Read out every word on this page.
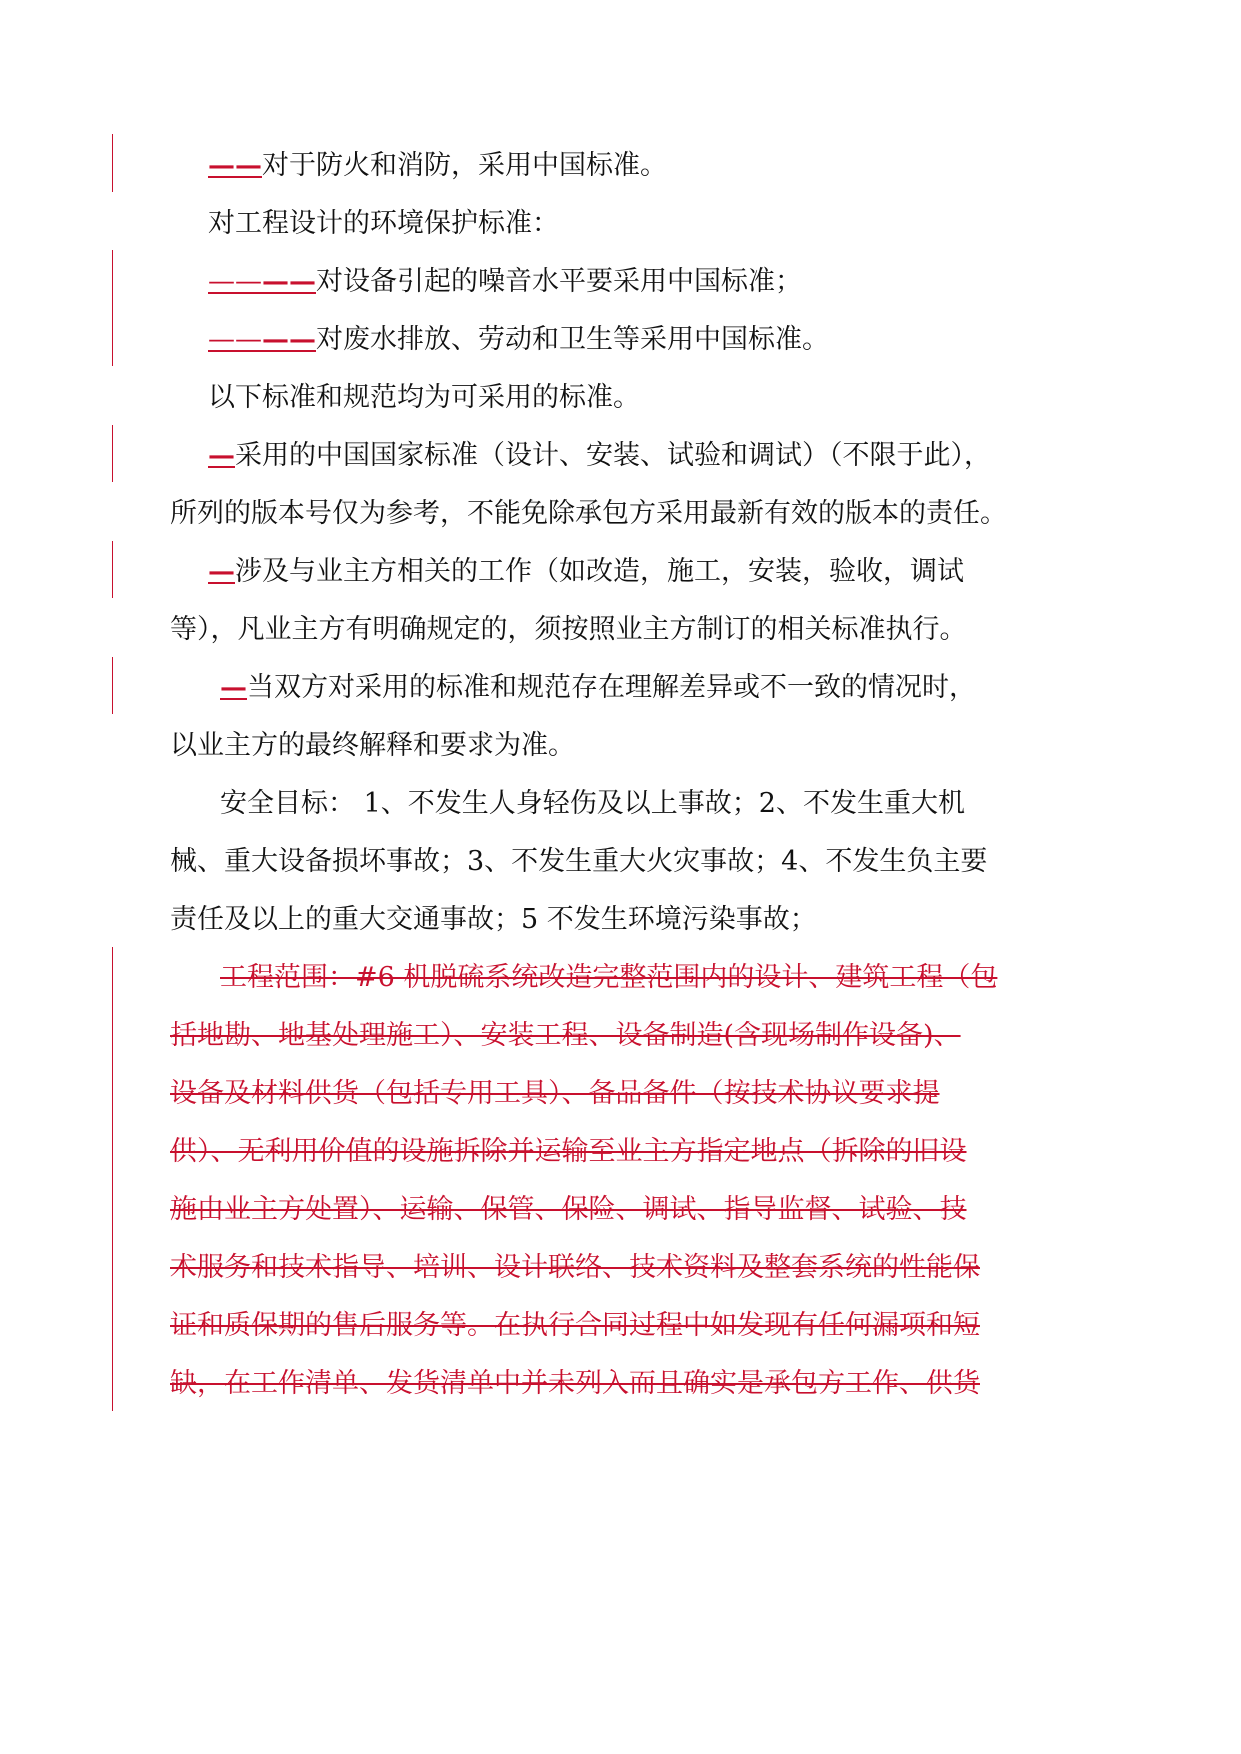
——对于防火和消防，采用中国标准。

对工程设计的环境保护标准：

————对设备引起的噪音水平要采用中国标准；

————对废水排放、劳动和卫生等采用中国标准。

以下标准和规范均为可采用的标准。

—采用的中国国家标准（设计、安装、试验和调试）（不限于此），

所列的版本号仅为参考，不能免除承包方采用最新有效的版本的责任。

—涉及与业主方相关的工作（如改造，施工，安装，验收，调试

等），凡业主方有明确规定的，须按照业主方制订的相关标准执行。

—当双方对采用的标准和规范存在理解差异或不一致的情况时，

以业主方的最终解释和要求为准。

安全目标： 1、不发生人身轻伤及以上事故；2、不发生重大机

械、重大设备损坏事故；3、不发生重大火灾事故；4、不发生负主要

责任及以上的重大交通事故；5 不发生环境污染事故；

工程范围：#6 机脱硫系统改造完整范围内的设计、建筑工程（包

括地勘、地基处理施工）、安装工程、设备制造(含现场制作设备)、

设备及材料供货（包括专用工具）、备品备件（按技术协议要求提

供）、无利用价值的设施拆除并运输至业主方指定地点（拆除的旧设

施由业主方处置）、运输、保管、保险、调试、指导监督、试验、技

术服务和技术指导、培训、设计联络、技术资料及整套系统的性能保

证和质保期的售后服务等。在执行合同过程中如发现有任何漏项和短

缺，在工作清单、发货清单中并未列入而且确实是承包方工作、供货
